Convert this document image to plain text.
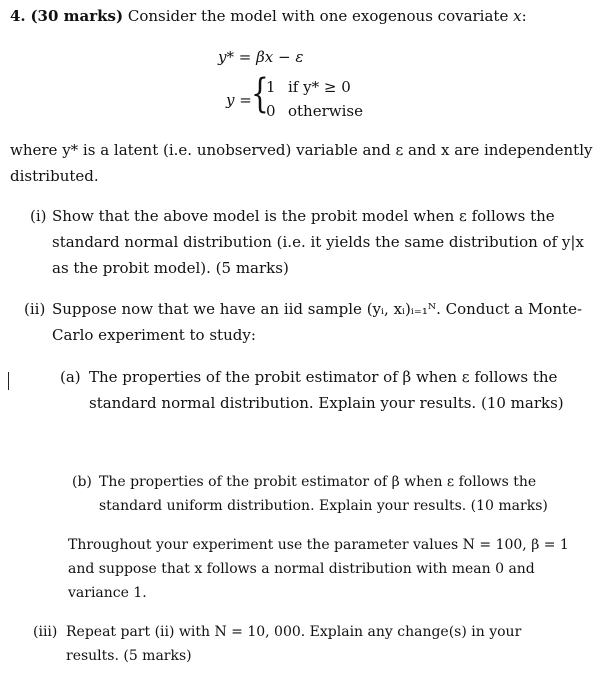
4. (30 marks) Consider the model with one exogenous covariate x:
y* = βx − ε
y = {
1 if y* ≥ 0
0 otherwise
where y* is a latent (i.e. unobserved) variable and ε and x are independently
distributed.
(i) Show that the above model is the probit model when ε follows the
standard normal distribution (i.e. it yields the same distribution of y|x
as the probit model). (5 marks)
(ii) Suppose now that we have an iid sample (yᵢ, xᵢ)ᵢ₌₁ᴺ. Conduct a Monte-
Carlo experiment to study:
(a) The properties of the probit estimator of β when ε follows the
standard normal distribution. Explain your results. (10 marks)
(b) The properties of the probit estimator of β when ε follows the
standard uniform distribution. Explain your results. (10 marks)
Throughout your experiment use the parameter values N = 100, β = 1
and suppose that x follows a normal distribution with mean 0 and
variance 1.
(iii) Repeat part (ii) with N = 10, 000. Explain any change(s) in your
results. (5 marks)
